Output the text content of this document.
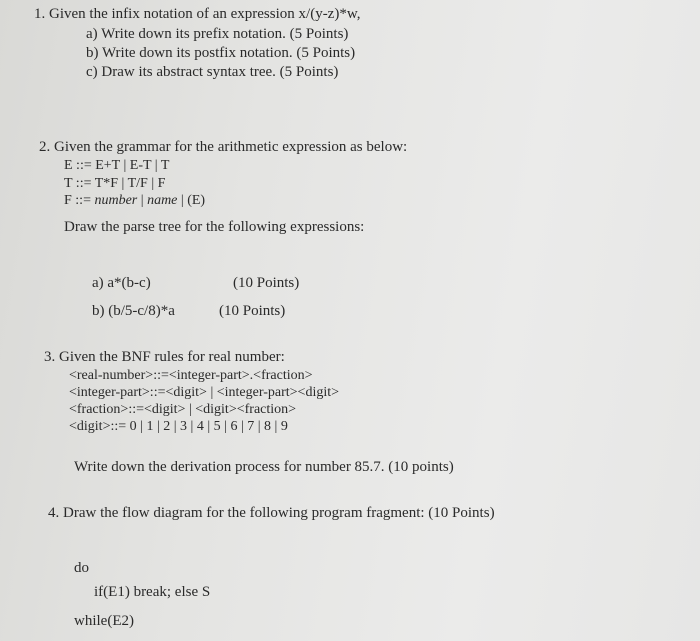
1. Given the infix notation of an expression x/(y-z)*w,
a) Write down its prefix notation. (5 Points)
b) Write down its postfix notation. (5 Points)
c) Draw its abstract syntax tree. (5 Points)
2. Given the grammar for the arithmetic expression as below:
E ::= E+T | E-T | T
T ::= T*F | T/F | F
F ::= number | name | (E)
Draw the parse tree for the following expressions:
a) a*(b-c)	(10 Points)
b) (b/5-c/8)*a	(10 Points)
3. Given the BNF rules for real number:
<real-number>::=<integer-part>.<fraction>
<integer-part>::=<digit> | <integer-part><digit>
<fraction>::=<digit> | <digit><fraction>
<digit>::= 0 | 1 | 2 | 3 | 4 | 5 | 6 | 7 | 8 | 9
Write down the derivation process for number 85.7. (10 points)
4. Draw the flow diagram for the following program fragment: (10 Points)
do
if(E1) break; else S
while(E2)
